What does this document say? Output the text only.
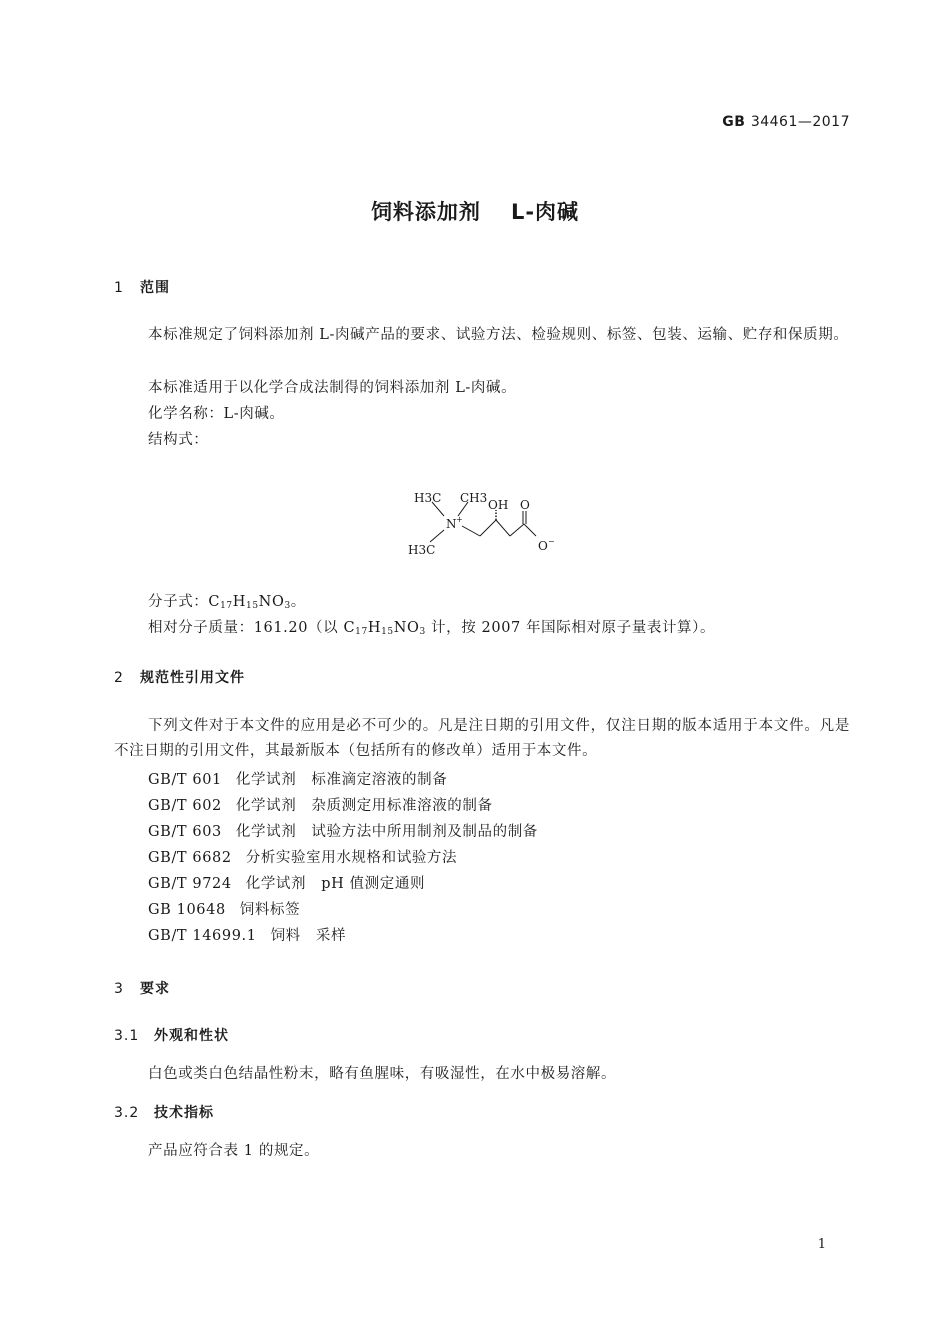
GB 34461—2017
饲料添加剂 L-肉碱
1 范围
本标准规定了饲料添加剂 L-肉碱产品的要求、试验方法、检验规则、标签、包装、运输、贮存和保质期。
本标准适用于以化学合成法制得的饲料添加剂 L-肉碱。
化学名称：L-肉碱。
结构式：
H3C CH3 OH O
N +
H3C	O −
分子式：$C_{17}H_{15}NO_3$。
相对分子质量：161.20（以 $C_{17}H_{15}NO_3$ 计，按 2007 年国际相对原子量表计算）。
2 规范性引用文件
下列文件对于本文件的应用是必不可少的。凡是注日期的引用文件，仅注日期的版本适用于本文件。凡是不注日期的引用文件，其最新版本（包括所有的修改单）适用于本文件。
GB/T 601 化学试剂　标准滴定溶液的制备
GB/T 602 化学试剂　杂质测定用标准溶液的制备
GB/T 603 化学试剂　试验方法中所用制剂及制品的制备
GB/T 6682 分析实验室用水规格和试验方法
GB/T 9724 化学试剂　pH 值测定通则
GB 10648 饲料标签
GB/T 14699.1 饲料　采样
3 要求
3.1 外观和性状
白色或类白色结晶性粉末，略有鱼腥味，有吸湿性，在水中极易溶解。
3.2 技术指标
产品应符合表 1 的规定。
1
